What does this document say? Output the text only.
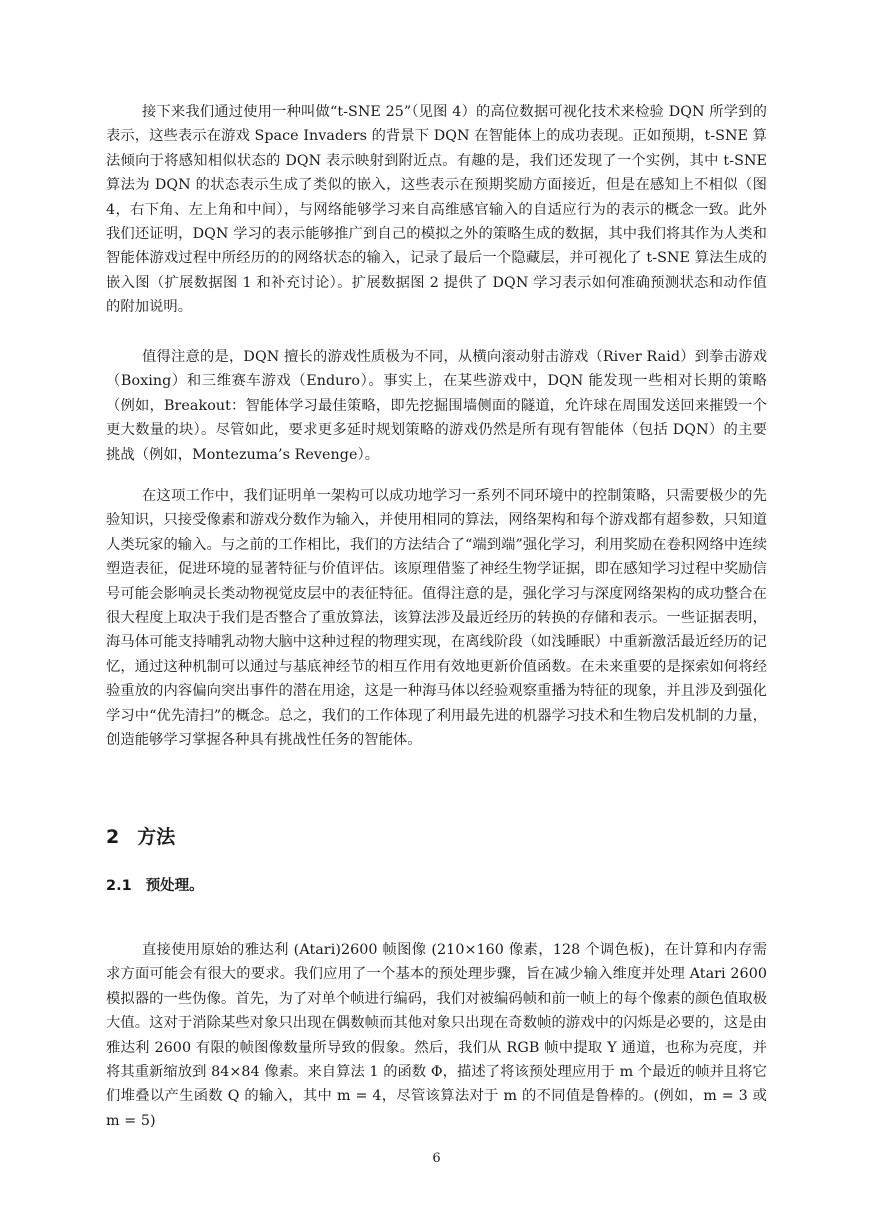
接下来我们通过使用一种叫做“t-SNE 25”（见图 4）的高位数据可视化技术来检验 DQN 所学到的表示，这些表示在游戏 Space Invaders 的背景下 DQN 在智能体上的成功表现。正如预期，t-SNE 算法倾向于将感知相似状态的 DQN 表示映射到附近点。有趣的是，我们还发现了一个实例，其中 t-SNE 算法为 DQN 的状态表示生成了类似的嵌入，这些表示在预期奖励方面接近，但是在感知上不相似（图 4，右下角、左上角和中间），与网络能够学习来自高维感官输入的自适应行为的表示的概念一致。此外我们还证明，DQN 学习的表示能够推广到自己的模拟之外的策略生成的数据，其中我们将其作为人类和智能体游戏过程中所经历的的网络状态的输入，记录了最后一个隐藏层，并可视化了 t-SNE 算法生成的嵌入图（扩展数据图 1 和补充讨论）。扩展数据图 2 提供了 DQN 学习表示如何准确预测状态和动作值的附加说明。

值得注意的是，DQN 擅长的游戏性质极为不同，从横向滚动射击游戏（River Raid）到拳击游戏（Boxing）和三维赛车游戏（Enduro）。事实上，在某些游戏中，DQN 能发现一些相对长期的策略（例如，Breakout：智能体学习最佳策略，即先挖掘围墙侧面的隧道，允许球在周围发送回来摧毁一个更大数量的块）。尽管如此，要求更多延时规划策略的游戏仍然是所有现有智能体（包括 DQN）的主要挑战（例如，Montezuma’s Revenge）。

在这项工作中，我们证明单一架构可以成功地学习一系列不同环境中的控制策略，只需要极少的先验知识，只接受像素和游戏分数作为输入，并使用相同的算法，网络架构和每个游戏都有超参数，只知道人类玩家的输入。与之前的工作相比，我们的方法结合了“端到端”强化学习，利用奖励在卷积网络中连续塑造表征，促进环境的显著特征与价值评估。该原理借鉴了神经生物学证据，即在感知学习过程中奖励信号可能会影响灵长类动物视觉皮层中的表征特征。值得注意的是，强化学习与深度网络架构的成功整合在很大程度上取决于我们是否整合了重放算法，该算法涉及最近经历的转换的存储和表示。一些证据表明，海马体可能支持哺乳动物大脑中这种过程的物理实现，在离线阶段（如浅睡眠）中重新激活最近经历的记忆，通过这种机制可以通过与基底神经节的相互作用有效地更新价值函数。在未来重要的是探索如何将经验重放的内容偏向突出事件的潜在用途，这是一种海马体以经验观察重播为特征的现象，并且涉及到强化学习中“优先清扫”的概念。总之，我们的工作体现了利用最先进的机器学习技术和生物启发机制的力量，创造能够学习掌握各种具有挑战性任务的智能体。

2 方法
2.1 预处理。

直接使用原始的雅达利 (Atari)2600 帧图像 (210×160 像素，128 个调色板)，在计算和内存需求方面可能会有很大的要求。我们应用了一个基本的预处理步骤，旨在减少输入维度并处理 Atari 2600 模拟器的一些伪像。首先，为了对单个帧进行编码，我们对被编码帧和前一帧上的每个像素的颜色值取极大值。这对于消除某些对象只出现在偶数帧而其他对象只出现在奇数帧的游戏中的闪烁是必要的，这是由雅达利 2600 有限的帧图像数量所导致的假象。然后，我们从 RGB 帧中提取 Y 通道，也称为亮度，并将其重新缩放到 84×84 像素。来自算法 1 的函数 Φ，描述了将该预处理应用于 m 个最近的帧并且将它们堆叠以产生函数 Q 的输入，其中 m = 4，尽管该算法对于 m 的不同值是鲁棒的。(例如，m = 3 或 m = 5)

6
